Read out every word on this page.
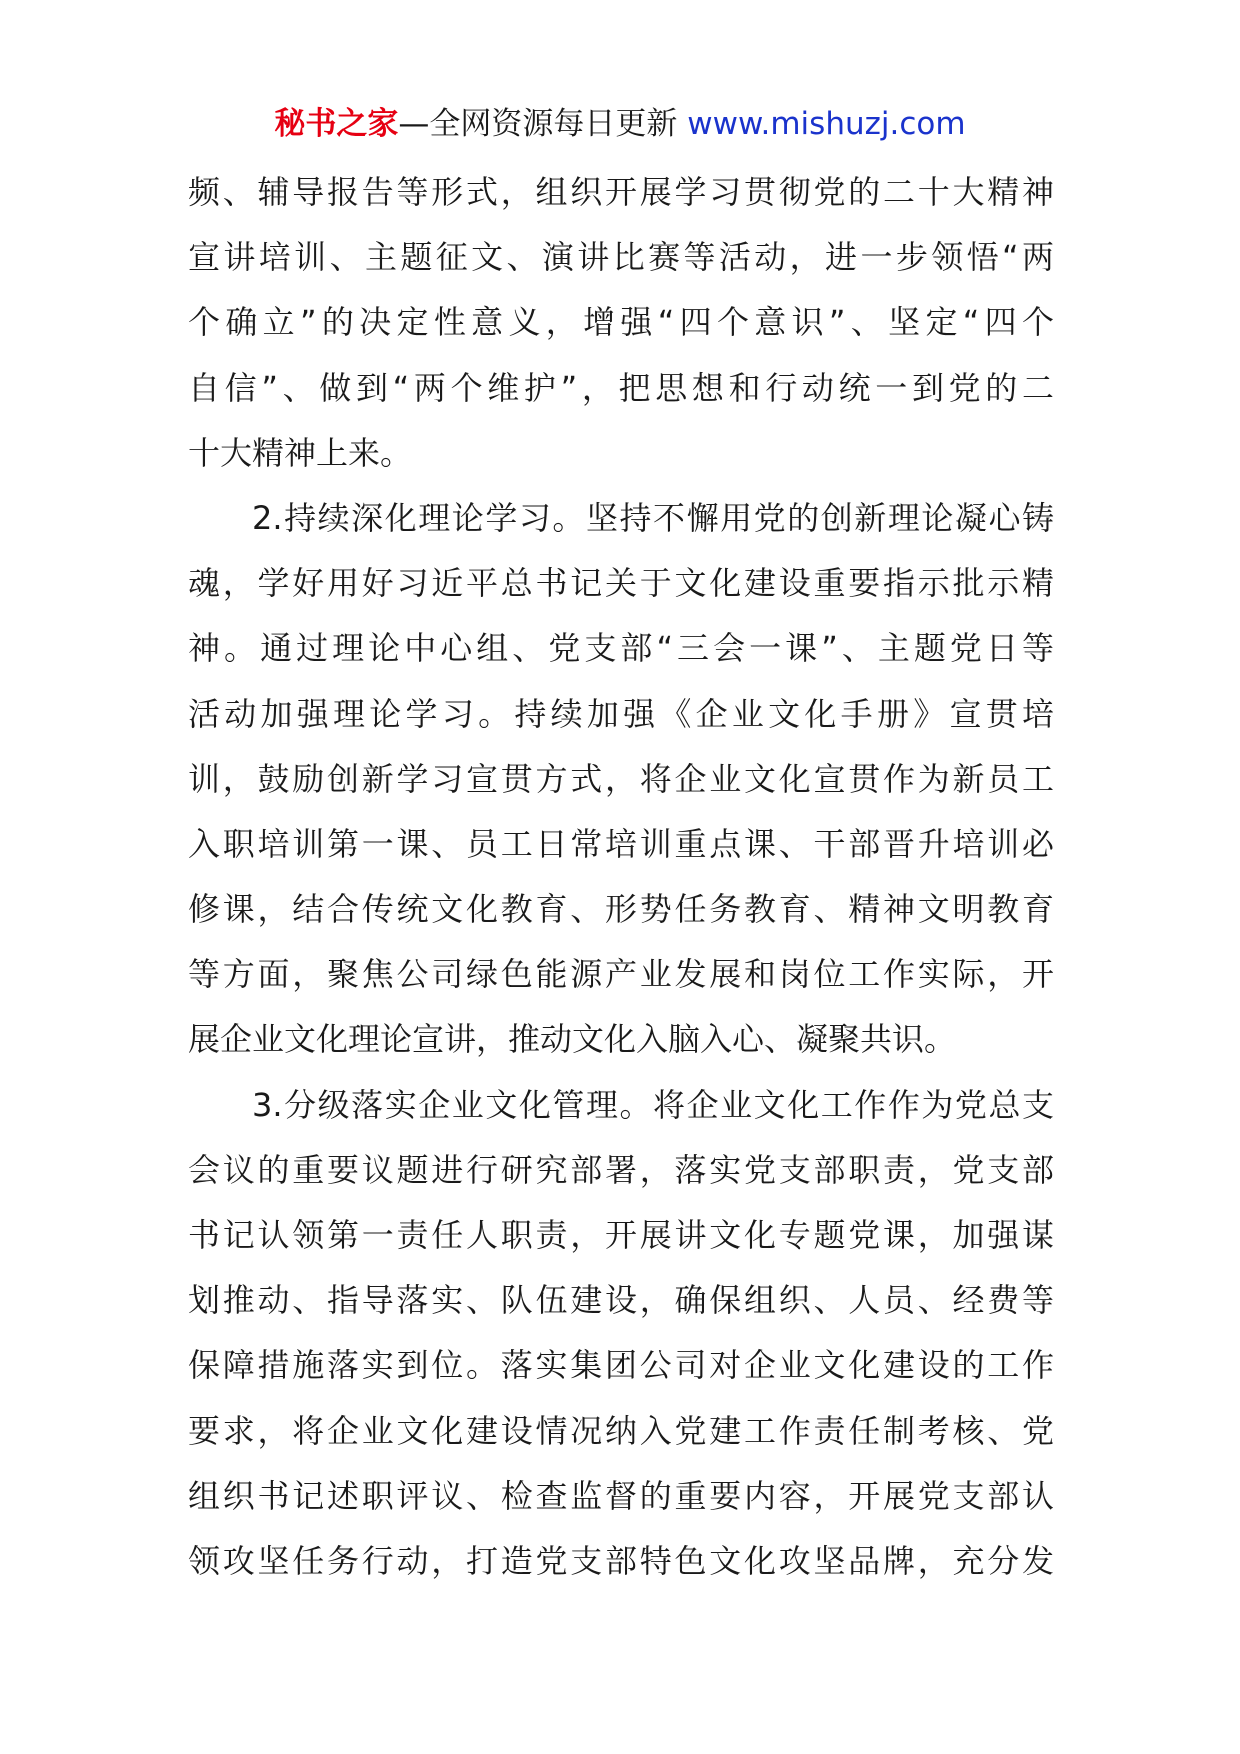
秘书之家—全网资源每日更新 www.mishuzj.com
频、辅导报告等形式，组织开展学习贯彻党的二十大精神
宣讲培训、主题征文、演讲比赛等活动，进一步领悟“两
个确立”的决定性意义，增强“四个意识”、坚定“四个
自信”、做到“两个维护”，把思想和行动统一到党的二
十大精神上来。
2.持续深化理论学习。坚持不懈用党的创新理论凝心铸
魂，学好用好习近平总书记关于文化建设重要指示批示精
神。通过理论中心组、党支部“三会一课”、主题党日等
活动加强理论学习。持续加强《企业文化手册》宣贯培
训，鼓励创新学习宣贯方式，将企业文化宣贯作为新员工
入职培训第一课、员工日常培训重点课、干部晋升培训必
修课，结合传统文化教育、形势任务教育、精神文明教育
等方面，聚焦公司绿色能源产业发展和岗位工作实际，开
展企业文化理论宣讲，推动文化入脑入心、凝聚共识。
3.分级落实企业文化管理。将企业文化工作作为党总支
会议的重要议题进行研究部署，落实党支部职责，党支部
书记认领第一责任人职责，开展讲文化专题党课，加强谋
划推动、指导落实、队伍建设，确保组织、人员、经费等
保障措施落实到位。落实集团公司对企业文化建设的工作
要求，将企业文化建设情况纳入党建工作责任制考核、党
组织书记述职评议、检查监督的重要内容，开展党支部认
领攻坚任务行动，打造党支部特色文化攻坚品牌，充分发
